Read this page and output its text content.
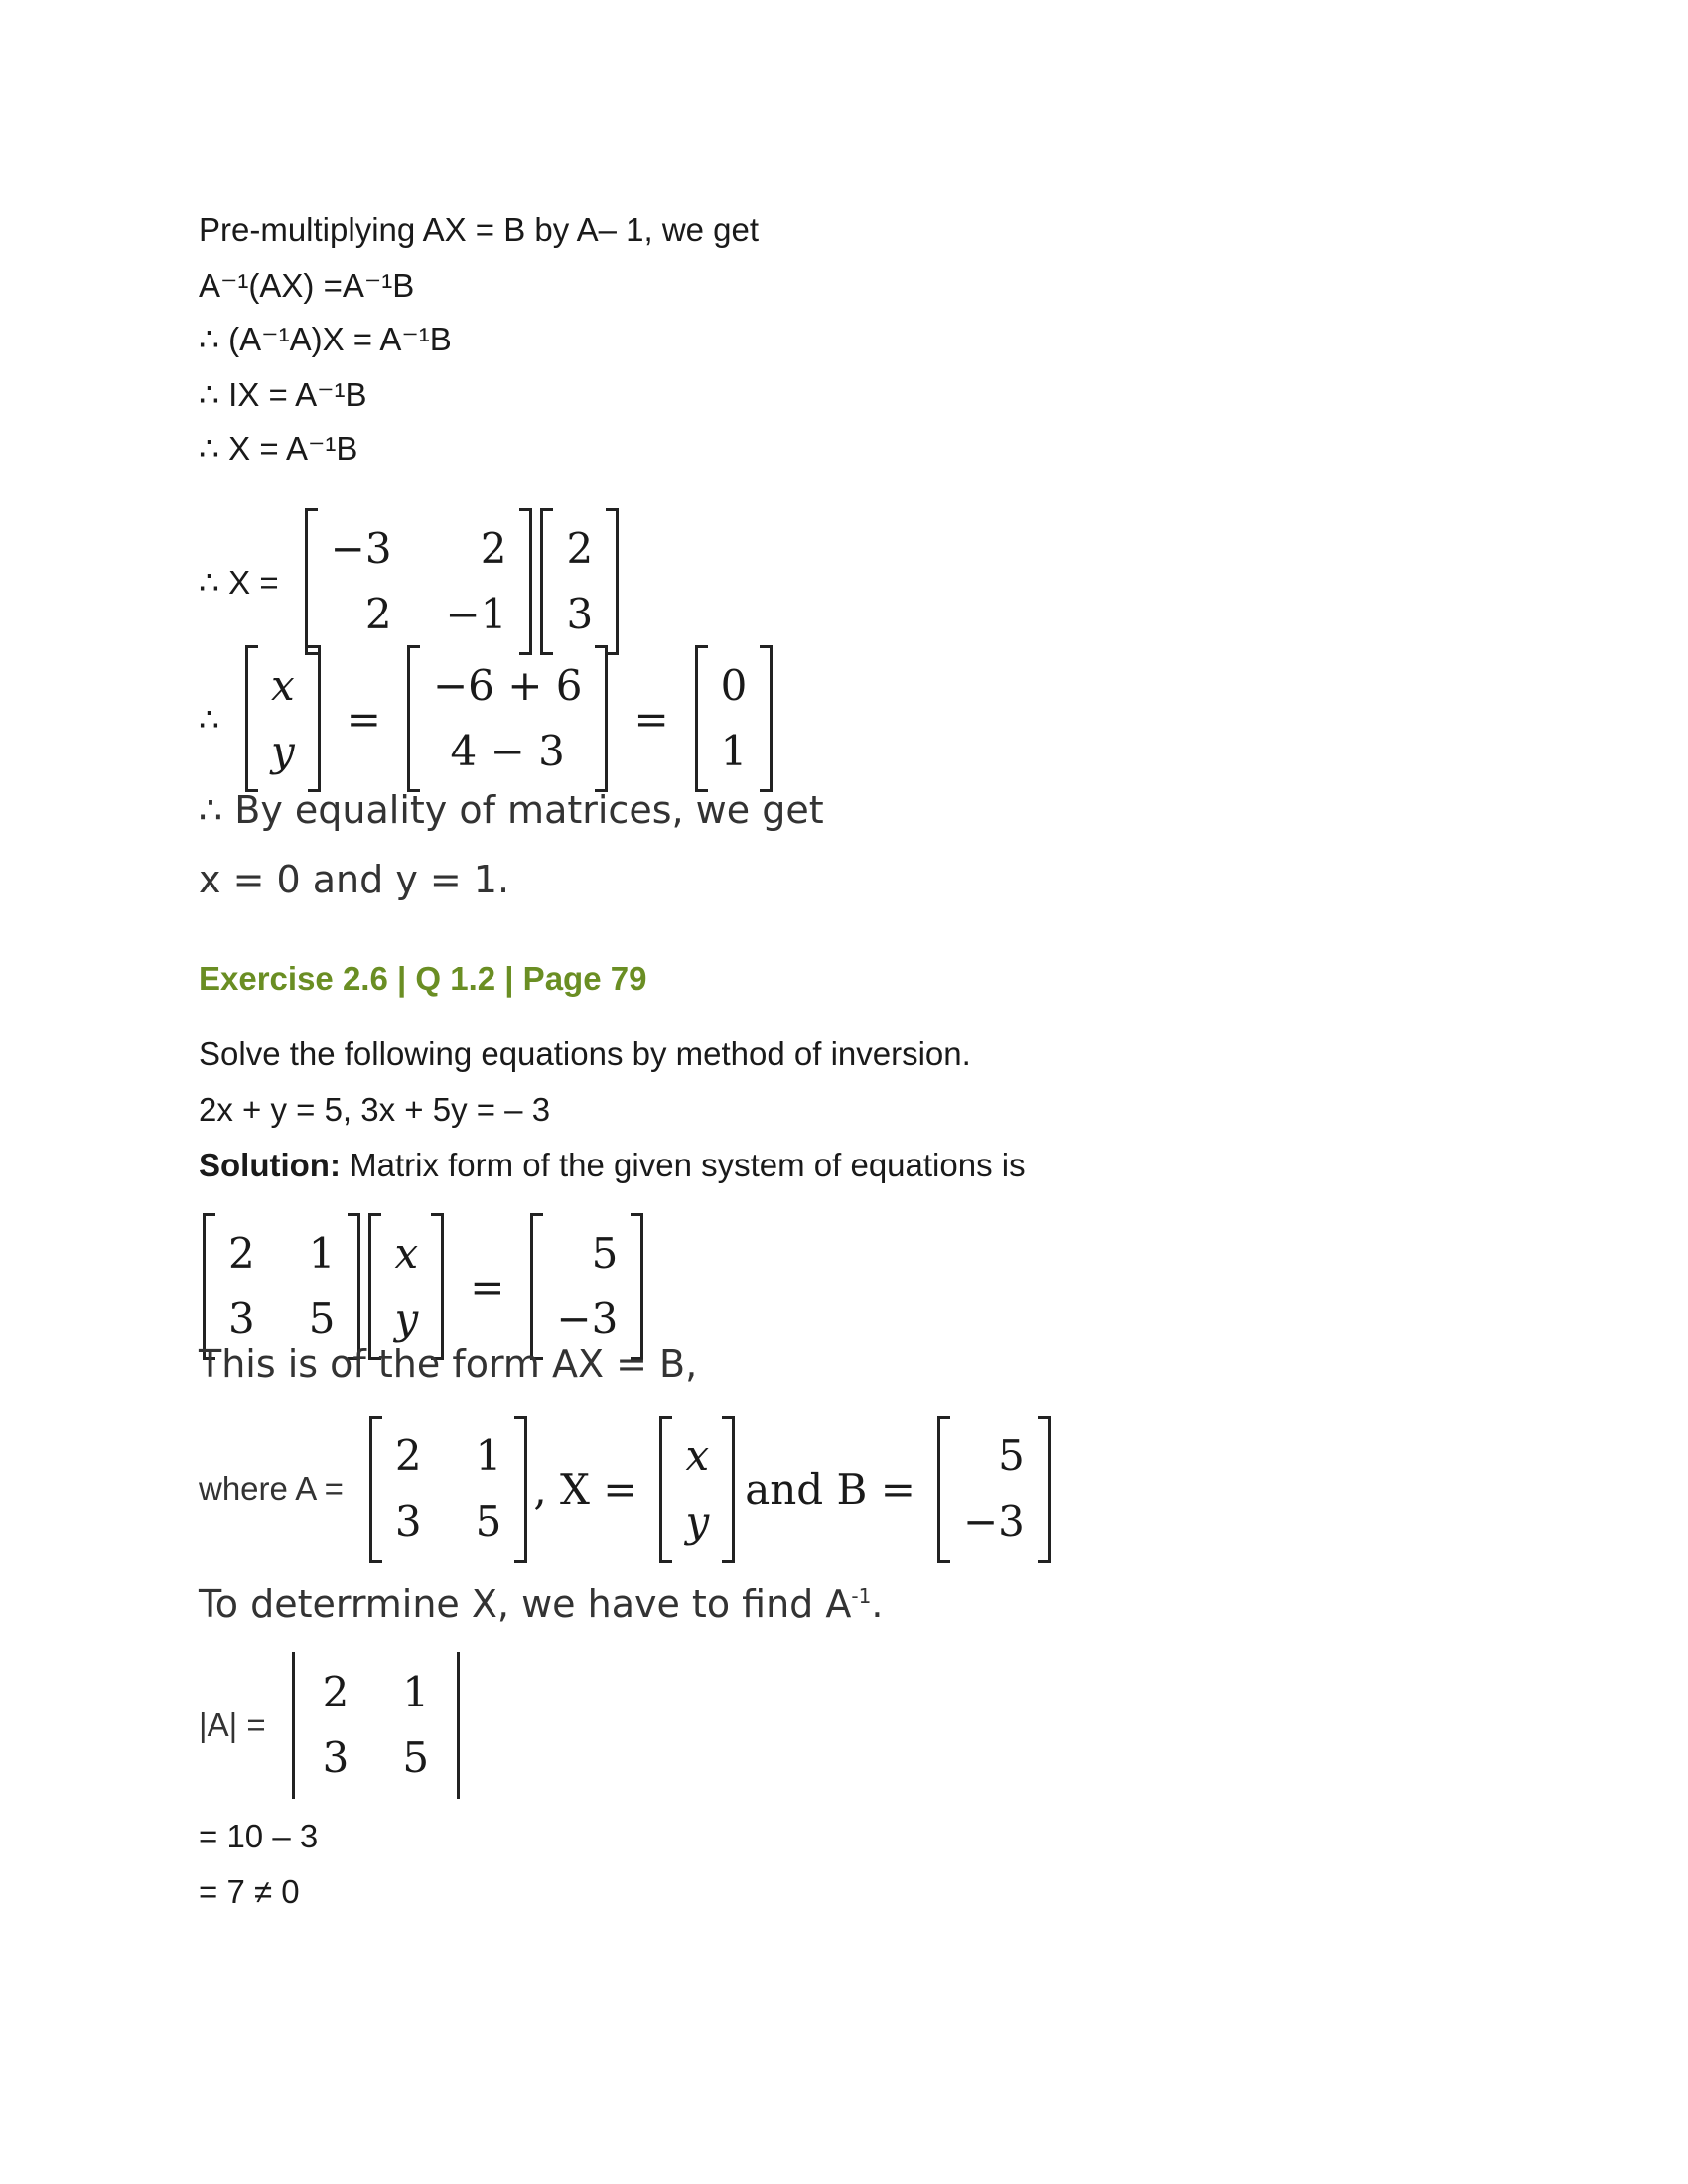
Pre-multiplying AX = B by A– 1, we get
A⁻¹(AX) =A⁻¹B
∴ (A⁻¹A)X = A⁻¹B
∴ IX = A⁻¹B
∴ X = A⁻¹B
∴ X =
−3	2
2 −1
2
3
∴
x
y
=
−6 + 6
4 − 3
=
0
1
∴ By equality of matrices, we get
x = 0 and y = 1.
Exercise 2.6 | Q 1.2 | Page 79
Solve the following equations by method of inversion.
2x + y = 5, 3x + 5y = – 3
Solution: Matrix form of the given system of equations is
2 1
3 5
x
y
=
5
−3
This is of the form AX = B,
where A =
2 1
3 5
, X =
x
y
and B =
5
−3
To deterrmine X, we have to find $A^{-1}$.
|A| =
2 1
3 5
= 10 – 3
= 7 ≠ 0
